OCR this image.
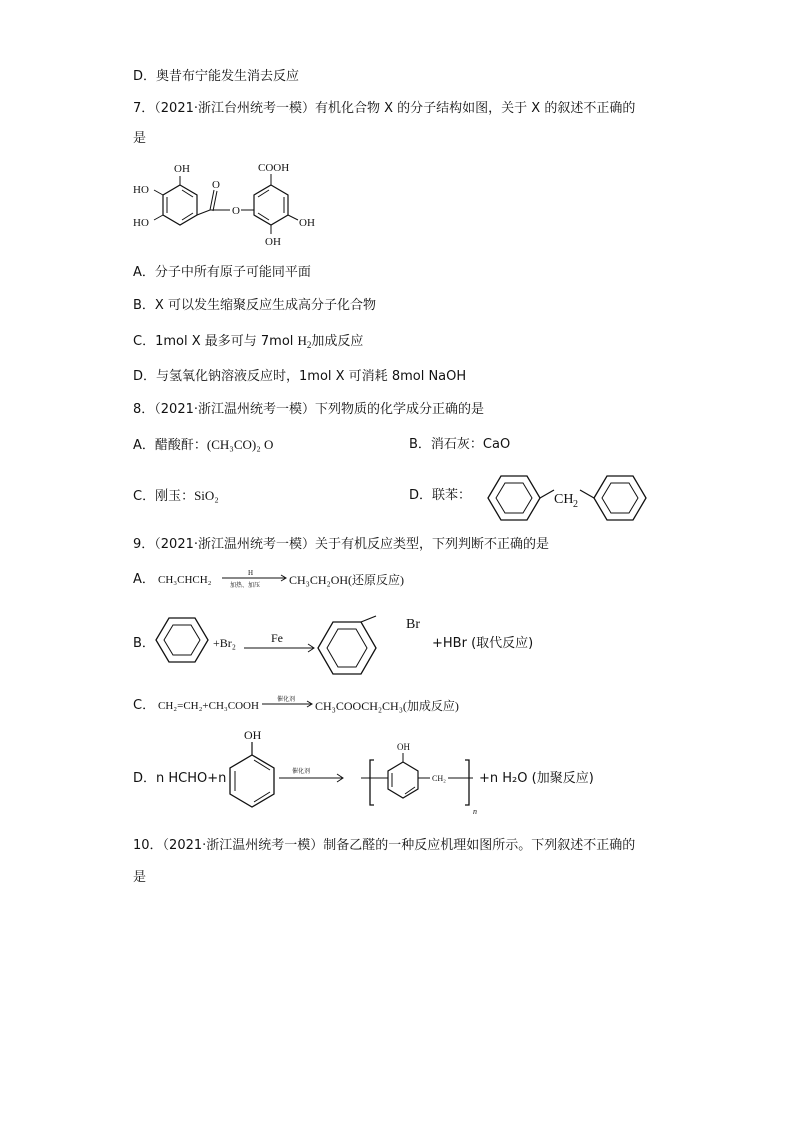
D．奥昔布宁能发生消去反应
7．（2021·浙江台州统考一模）有机化合物 X 的分子结构如图，关于 X 的叙述不正确的
是
OH
HO
HO
O
O
COOH
OH
OH
A．分子中所有原子可能同平面
B．X 可以发生缩聚反应生成高分子化合物
C．1mol X 最多可与 7mol $H_2$加成反应
D．与氢氧化钠溶液反应时，1mol X 可消耗 8mol NaOH
8．（2021·浙江温州统考一模）下列物质的化学成分正确的是
A．醋酸酐：(CH₃CO)₂ O	B．消石灰：CaO
C．刚玉：SiO₂	D．联苯：	CH 2
9．（2021·浙江温州统考一模）关于有机反应类型，下列判断不正确的是
A． CH₃CHCH₂
H
加热、加压 CH₃CH₂OH(还原反应)
B．	+Br₂	Fe
Br
+HBr (取代反应)
C． CH₂=CH₂+CH₃COOH	催化剂 CH₃COOCH₂CH₃(加成反应)
D．n HCHO+n
OH
催化剂
OH
CH₂
n
+n H₂O (加聚反应)
10．（2021·浙江温州统考一模）制备乙醛的一种反应机理如图所示。下列叙述不正确的
是
